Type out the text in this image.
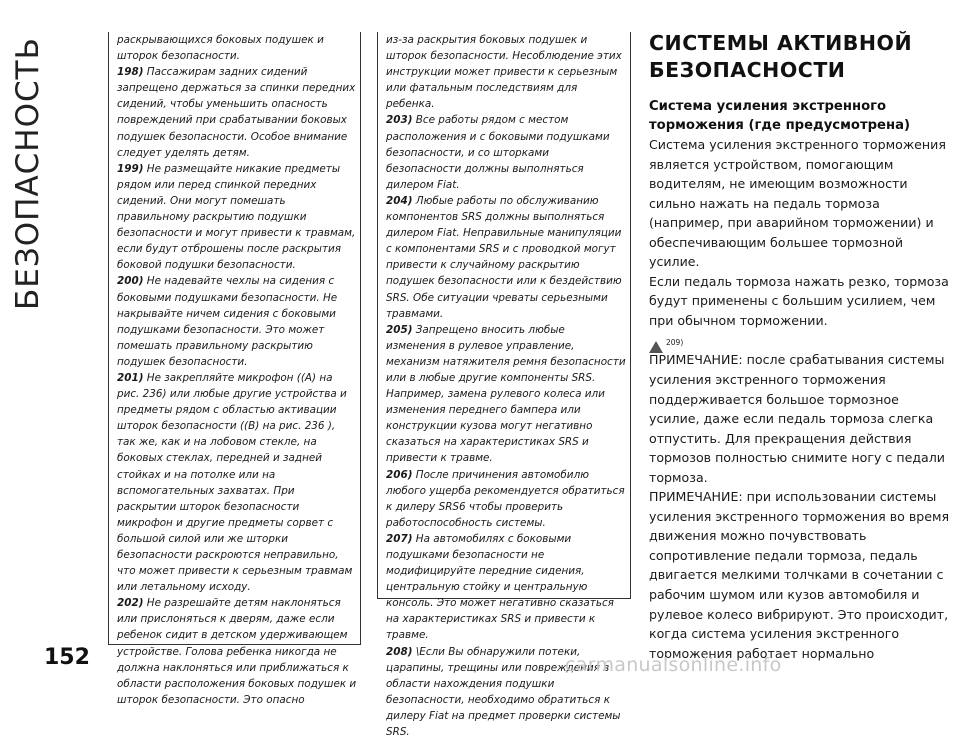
БЕЗОПАСНОСТЬ	раскрывающихся боковых подушек и шторок безопасности.

198) Пассажирам задних сидений запрещено держаться за спинки передних сидений, чтобы уменьшить опасность повреждений при срабатывании боковых подушек безопасности. Особое внимание следует уделять детям.

199) Не размещайте никакие предметы рядом или перед спинкой передних сидений. Они могут помешать правильному раскрытию подушки безопасности и могут привести к травмам, если будут отброшены после раскрытия боковой подушки безопасности.

200) Не надевайте чехлы на сидения с боковыми подушками безопасности. Не накрывайте ничем сидения с боковыми подушками безопасности. Это может помешать правильному раскрытию подушек безопасности.

201) Не закрепляйте микрофон ((A) на рис. 236) или любые другие устройства и предметы рядом с областью активации шторок безопасности ((B) на рис. 236 ), так же, как и на лобовом стекле, на боковых стеклах, передней и задней стойках и на потолке или на вспомогательных захватах. При раскрытии шторок безопасности микрофон и другие предметы сорвет с большой силой или же шторки безопасности раскроются неправильно, что может привести к серьезным травмам или летальному исходу.

202) Не разрешайте детям наклоняться или прислоняться к дверям, даже если ребенок сидит в детском удерживающем устройстве. Голова ребенка никогда не должна наклоняться или приближаться к области расположения боковых подушек и шторок безопасности. Это опасно

из-за раскрытия боковых подушек и шторок безопасности. Несоблюдение этих инструкции может привести к серьезным или фатальным последствиям для ребенка.

203) Все работы рядом с местом расположения и с боковыми подушками безопасности, и со шторками безопасности должны выполняться дилером Fiat.

204) Любые работы по обслуживанию компонентов SRS должны выполняться дилером Fiat. Неправильные манипуляции с компонентами SRS и с проводкой могут привести к случайному раскрытию подушек безопасности или к бездействию SRS. Обе ситуации чреваты серьезными травмами.

205) Запрещено вносить любые изменения в рулевое управление, механизм натяжителя ремня безопасности или в любые другие компоненты SRS. Например, замена рулевого колеса или изменения переднего бампера или конструкции кузова могут негативно сказаться на характеристиках SRS и привести к травме.

206) После причинения автомобилю любого ущерба рекомендуется обратиться к дилеру SRS6 чтобы проверить работоспособность системы.

207) На автомобилях с боковыми подушками безопасности не модифицируйте передние сидения, центральную стойку и центральную консоль. Это может негативно сказаться на характеристиках SRS и привести к травме.

208) \Если Вы обнаружили потеки, царапины, трещины или повреждения в области нахождения подушки безопасности, необходимо обратиться к дилеру Fiat на предмет проверки системы SRS.

СИСТЕМЫ АКТИВНОЙ БЕЗОПАСНОСТИ

Система усиления экстренного торможения (где предусмотрена)

Система усиления экстренного торможения является устройством, помогающим водителям, не имеющим возможности сильно нажать на педаль тормоза (например, при аварийном торможении) и обеспечивающим большее тормозной усилие.

Если педаль тормоза нажать резко, тормоза будут применены с большим усилием, чем при обычном торможении.

209)

ПРИМЕЧАНИЕ: после срабатывания системы усиления экстренного торможения поддерживается большое тормозное усилие, даже если педаль тормоза слегка отпустить. Для прекращения действия тормозов полностью снимите ногу с педали тормоза.

ПРИМЕЧАНИЕ: при использовании системы усиления экстренного торможения во время движения можно почувствовать сопротивление педали тормоза, педаль двигается мелкими толчками в сочетании с рабочим шумом или кузов автомобиля и рулевое колесо вибрируют. Это происходит, когда система усиления экстренного торможения работает нормально

152	carmanualsonline.info
